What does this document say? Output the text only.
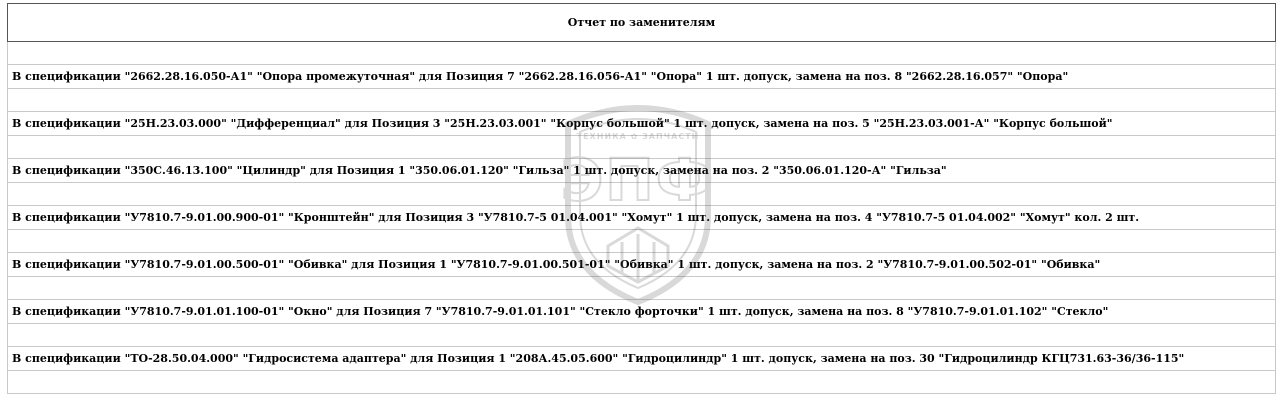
Отчет по заменителям

В спецификации "2662.28.16.050-А1" "Опора промежуточная" для Позиция 7 "2662.28.16.056-А1" "Опора" 1 шт. допуск, замена на поз. 8 "2662.28.16.057" "Опора"

В спецификации "25Н.23.03.000" "Дифференциал" для Позиция 3 "25Н.23.03.001" "Корпус большой" 1 шт. допуск, замена на поз. 5 "25Н.23.03.001-А" "Корпус большой"

В спецификации "350С.46.13.100" "Цилиндр" для Позиция 1 "350.06.01.120" "Гильза" 1 шт. допуск, замена на поз. 2 "350.06.01.120-А" "Гильза"

В спецификации "У7810.7-9.01.00.900-01" "Кронштейн" для Позиция 3 "У7810.7-5 01.04.001" "Хомут" 1 шт. допуск, замена на поз. 4 "У7810.7-5 01.04.002" "Хомут" кол. 2 шт.

В спецификации "У7810.7-9.01.00.500-01" "Обивка" для Позиция 1 "У7810.7-9.01.00.501-01" "Обивка" 1 шт. допуск, замена на поз. 2 "У7810.7-9.01.00.502-01" "Обивка"

В спецификации "У7810.7-9.01.01.100-01" "Окно" для Позиция 7 "У7810.7-9.01.01.101" "Стекло форточки" 1 шт. допуск, замена на поз. 8 "У7810.7-9.01.01.102" "Стекло"

В спецификации "ТО-28.50.04.000" "Гидросистема адаптера" для Позиция 1 "208А.45.05.600" "Гидроцилиндр" 1 шт. допуск, замена на поз. 30 "Гидроцилиндр КГЦ731.63-36/36-115"

ТЕХНИКА ✿ ЗАПЧАСТИ
ЭПФ
